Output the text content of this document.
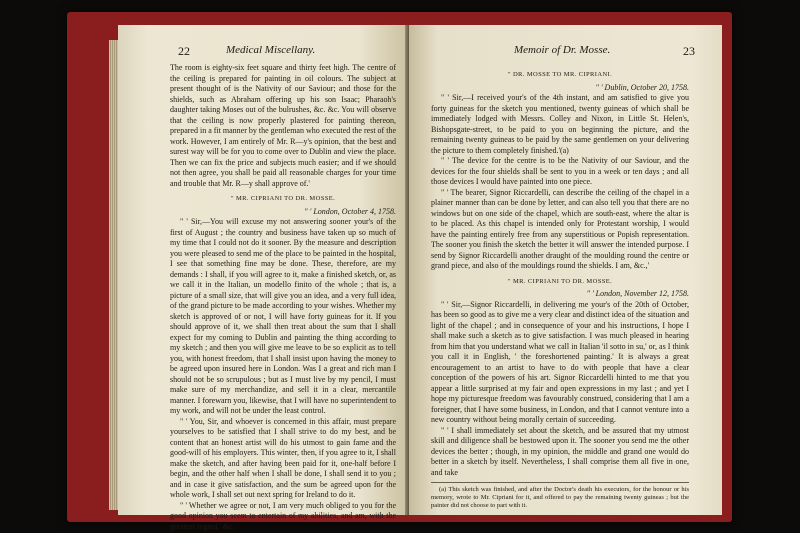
22	Medical Miscellany.

The room is eighty-six feet square and thirty feet high. The centre of the ceiling is prepared for painting in oil colours. The subject at present thought of is the Nativity of our Saviour; and those for the shields, such as Abraham offering up his son Isaac; Pharaoh's daughter taking Moses out of the bulrushes, &c. &c. You will observe that the ceiling is now properly plastered for painting thereon, prepared in a fit manner by the gentleman who executed the rest of the work. However, I am entirely of Mr. R—y's opinion, that the best and surest way will be for you to come over to Dublin and view the place. Then we can fix the price and subjects much easier; and if we should not then agree, you shall be paid all reasonable charges for your time and trouble that Mr. R—y shall approve of.'

" MR. CIPRIANI TO DR. MOSSE.

" ' London, October 4, 1758.

" ' Sir,—You will excuse my not answering sooner your's of the first of August ; the country and business have taken up so much of my time that I could not do it sooner. By the measure and description you were pleased to send me of the place to be painted in the hospital, I see that something fine may be done. These, therefore, are my demands : I shall, if you will agree to it, make a finished sketch, or, as we call it in the Italian, un modello finito of the whole ; that is, a picture of a small size, that will give you an idea, and a very full idea, of the grand picture to be made according to your wishes. Whether my sketch is approved of or not, I will have forty guineas for it. If you should approve of it, we shall then treat about the sum that I shall expect for my coming to Dublin and painting the thing according to my sketch ; and then you will give me leave to be so explicit as to tell you, with honest freedom, that I shall insist upon having the money to be agreed upon insured here in London. Was I a great and rich man I should not be so scrupulous ; but as I must live by my pencil, I must make sure of my merchandize, and sell it in a clear, mercantile manner. I forewarn you, likewise, that I will have no superintendent to my work, and will not be under the least control.

" ' You, Sir, and whoever is concerned in this affair, must prepare yourselves to be satisfied that I shall strive to do my best, and be content that an honest artist will do his utmost to gain fame and the good-will of his employers. This winter, then, if you agree to it, I shall make the sketch, and after having been paid for it, one-half before I begin, and the other half when I shall be done, I shall send it to you ; and in case it give satisfaction, and the sum be agreed upon for the whole work, I shall set out next spring for Ireland to do it.

" ' Whether we agree or not, I am very much obliged to you for the good opinion you seem to entertain of my abilities, and am, with the greatest regard,' &c.

Memoir of Dr. Mosse.	23

" DR. MOSSE TO MR. CIPRIANI.

" ' Dublin, October 20, 1758.

" ' Sir,—I received your's of the 4th instant, and am satisfied to give you forty guineas for the sketch you mentioned, twenty guineas of which shall be immediately lodged with Messrs. Colley and Nixon, in Little St. Helen's, Bishopsgate-street, to be paid to you on beginning the picture, and the remaining twenty guineas to be paid by the same gentlemen on your delivering the picture to them completely finished.'(a)

" ' The device for the centre is to be the Nativity of our Saviour, and the devices for the four shields shall be sent to you in a week or ten days ; and all those devices I would have painted into one piece.

" ' The bearer, Signor Riccardelli, can describe the ceiling of the chapel in a plainer manner than can be done by letter, and can also tell you that there are no windows but on one side of the chapel, which are south-east, where the altar is to be placed. As this chapel is intended only for Protestant worship, I would have the painting entirely free from any superstitious or Popish representation. The sooner you finish the sketch the better it will answer the intended purpose. I send by Signor Riccardelli another draught of the moulding round the centre or grand piece, and also of the mouldings round the shields. I am, &c.,'

" MR. CIPRIANI TO DR. MOSSE.

" ' London, November 12, 1758.

" ' Sir,—Signor Riccardelli, in delivering me your's of the 20th of October, has been so good as to give me a very clear and distinct idea of the situation and light of the chapel ; and in consequence of your and his instructions, I hope I shall make such a sketch as to give satisfaction. I was much pleased in hearing from him that you understand what we call in Italian 'il sotto in su,' or, as I think you call it in English, ' the foreshortened painting.' It is always a great encouragement to an artist to have to do with people that have a clear conception of the powers of his art. Signor Riccardelli hinted to me that you appear a little surprised at my fair and open expressions in my last ; and yet I hope my picturesque freedom was favourably construed, considering that I am a foreigner, that I have some business, in London, and that I cannot venture into a new country without being morally certain of succeeding.

" ' I shall immediately set about the sketch, and be assured that my utmost skill and diligence shall be bestowed upon it. The sooner you send me the other devices the better ; though, in my opinion, the middle and grand one would do better in a sketch by itself. Nevertheless, I shall comprise them all five in one, and take

(a) This sketch was finished, and after the Doctor's death his executors, for the honour or his memory, wrote to Mr. Cipriani for it, and offered to pay the remaining twenty guineas ; but the painter did not choose to part with it.
